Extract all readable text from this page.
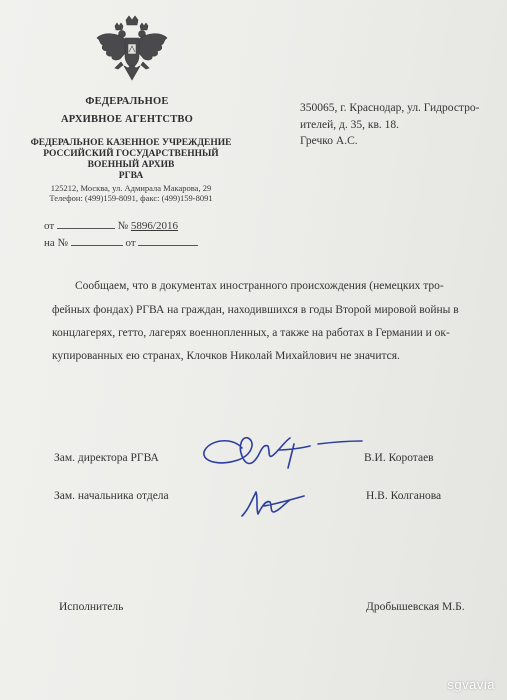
ФЕДЕРАЛЬНОЕ
АРХИВНОЕ АГЕНТСТВО
ФЕДЕРАЛЬНОЕ КАЗЕННОЕ УЧРЕЖДЕНИЕ
РОССИЙСКИЙ ГОСУДАРСТВЕННЫЙ
ВОЕННЫЙ АРХИВ
РГВА
125212, Москва, ул. Адмирала Макарова, 29
Телефон: (499)159-8091, факс: (499)159-8091
от	№ 5896/2016
на №	от
350065, г. Краснодар, ул. Гидростро-
ителей, д. 35, кв. 18.
Гречко А.С.
Сообщаем, что в документах иностранного происхождения (немецких тро-
фейных фондах) РГВА на граждан, находившихся в годы Второй мировой войны в
концлагерях, гетто, лагерях военнопленных, а также на работах в Германии и ок-
купированных ею странах, Клочков Николай Михайлович не значится.
Зам. директора РГВА	В.И. Коротаев
Зам. начальника отдела	Н.В. Колганова
Исполнитель	Дробышевская М.Б.
sgvavia
